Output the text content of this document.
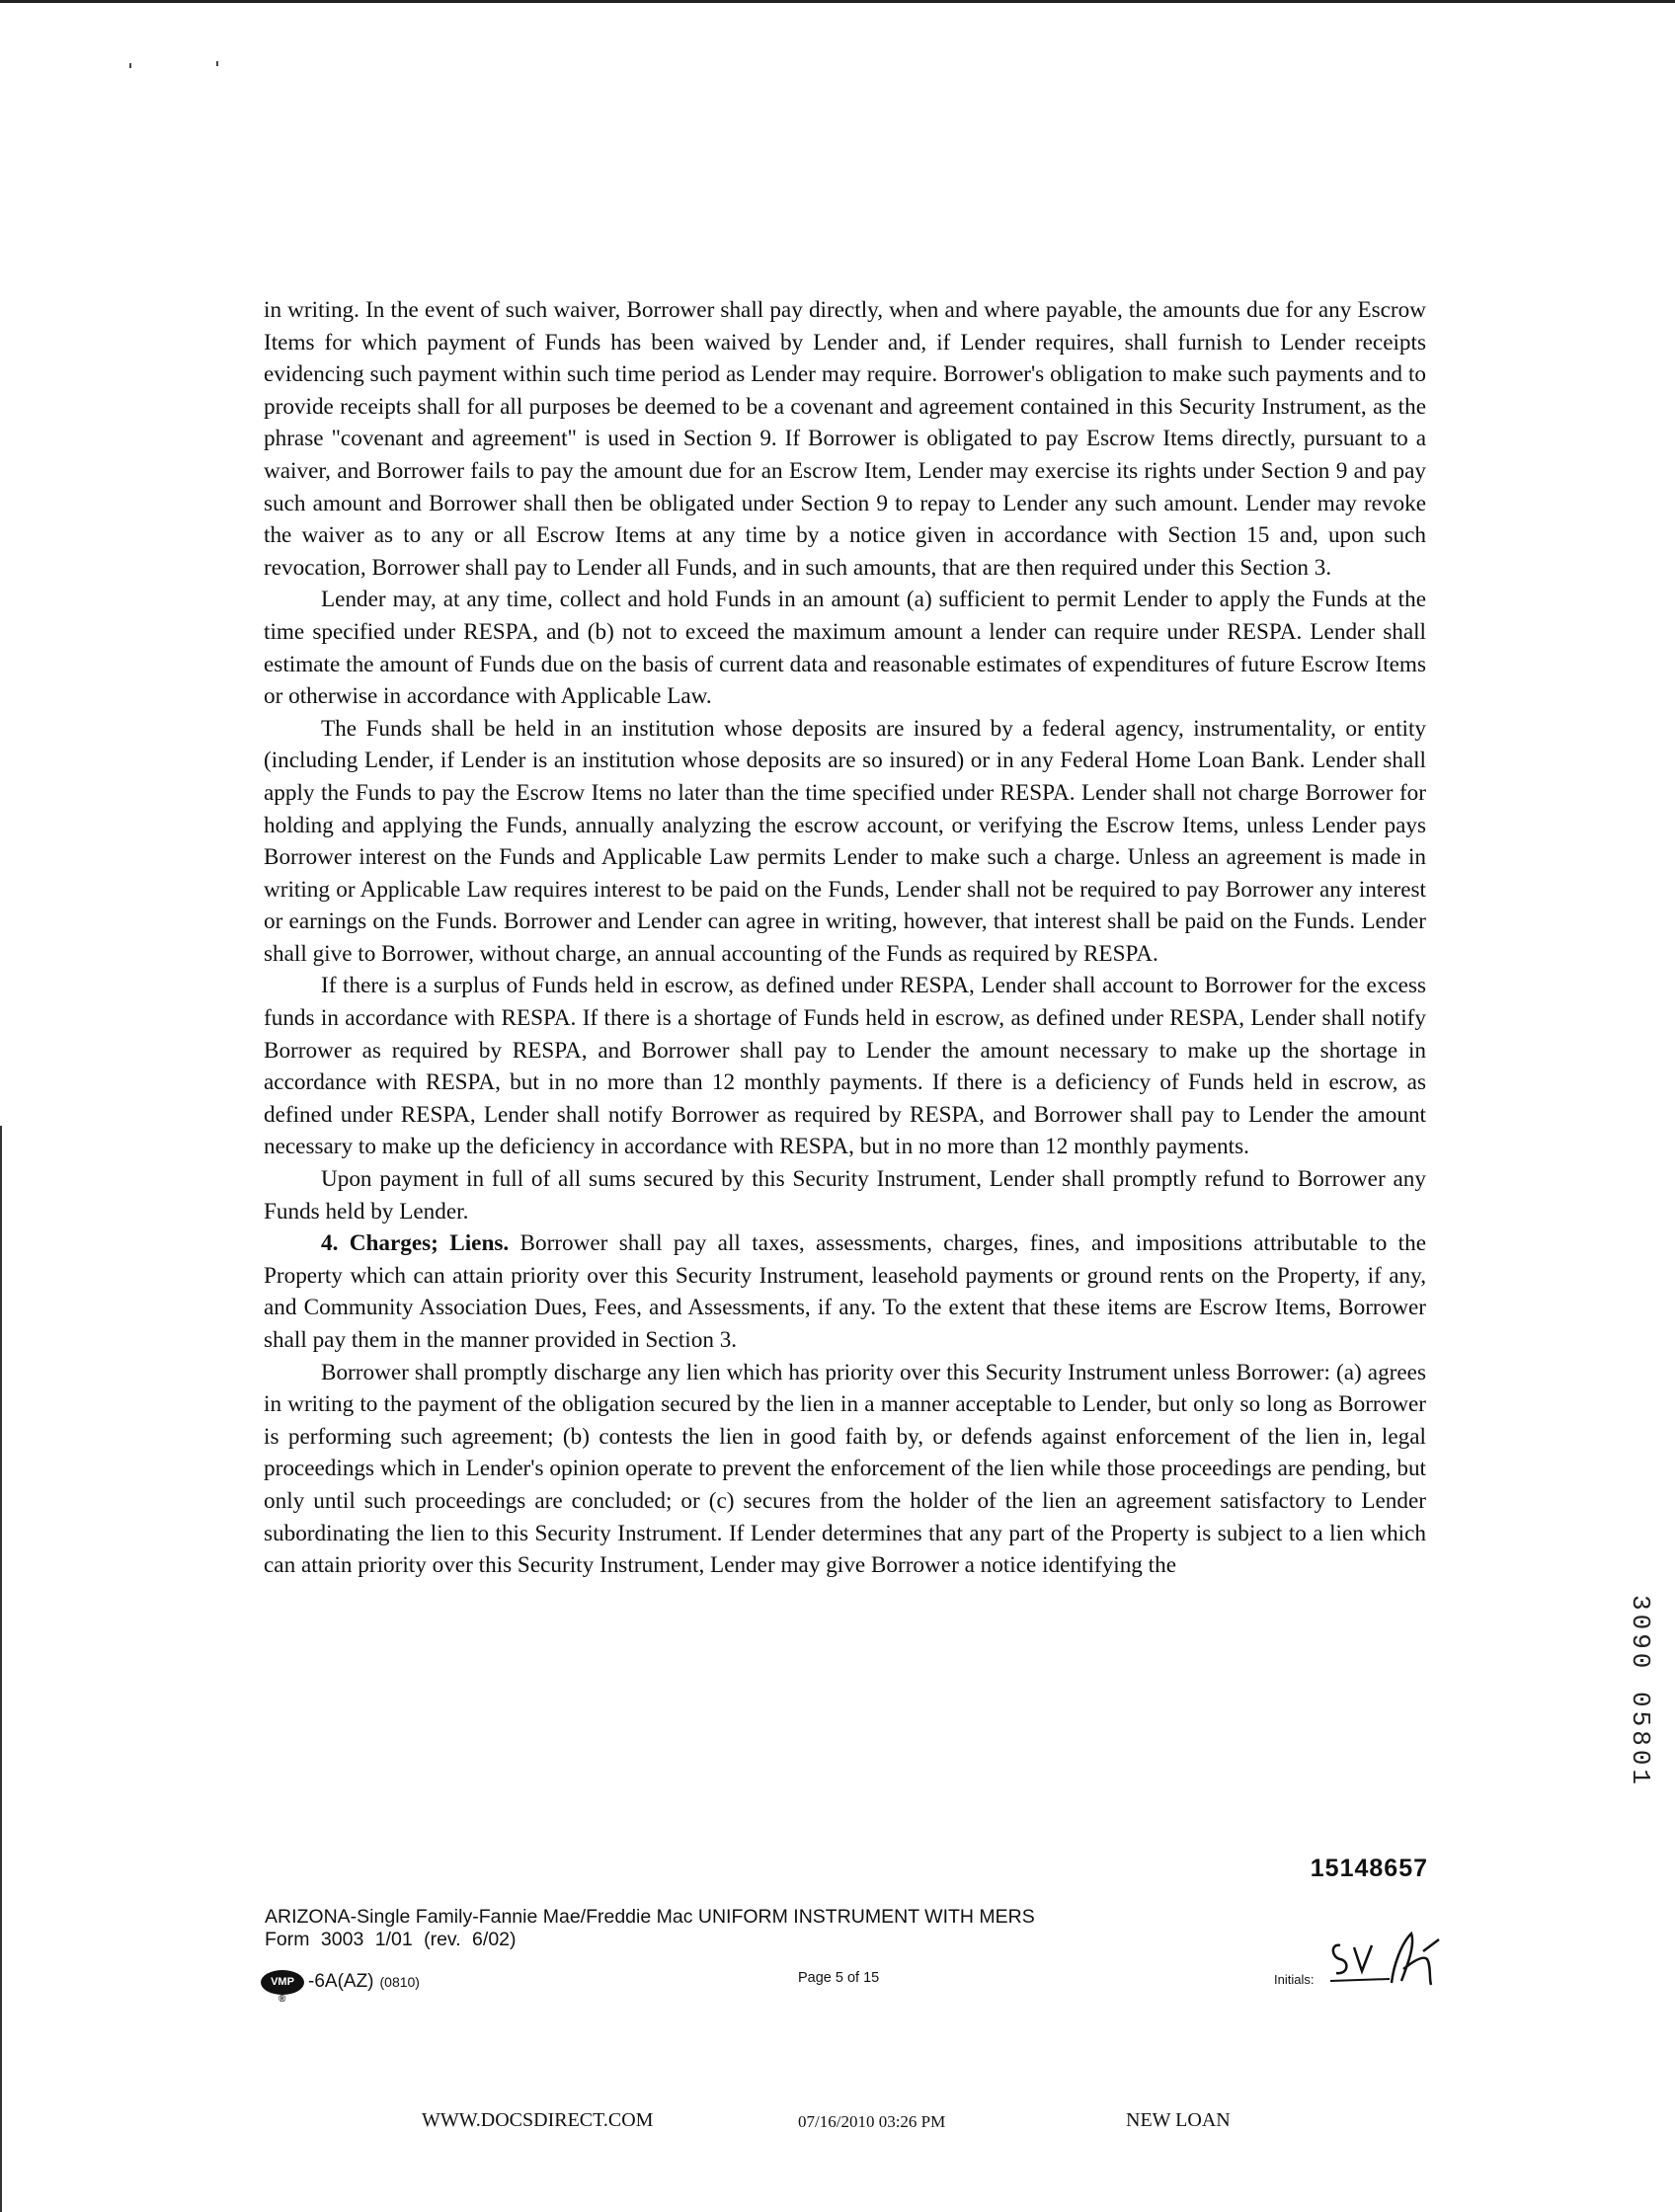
in writing. In the event of such waiver, Borrower shall pay directly, when and where payable, the amounts due for any Escrow Items for which payment of Funds has been waived by Lender and, if Lender requires, shall furnish to Lender receipts evidencing such payment within such time period as Lender may require. Borrower's obligation to make such payments and to provide receipts shall for all purposes be deemed to be a covenant and agreement contained in this Security Instrument, as the phrase "covenant and agreement" is used in Section 9. If Borrower is obligated to pay Escrow Items directly, pursuant to a waiver, and Borrower fails to pay the amount due for an Escrow Item, Lender may exercise its rights under Section 9 and pay such amount and Borrower shall then be obligated under Section 9 to repay to Lender any such amount. Lender may revoke the waiver as to any or all Escrow Items at any time by a notice given in accordance with Section 15 and, upon such revocation, Borrower shall pay to Lender all Funds, and in such amounts, that are then required under this Section 3.

Lender may, at any time, collect and hold Funds in an amount (a) sufficient to permit Lender to apply the Funds at the time specified under RESPA, and (b) not to exceed the maximum amount a lender can require under RESPA. Lender shall estimate the amount of Funds due on the basis of current data and reasonable estimates of expenditures of future Escrow Items or otherwise in accordance with Applicable Law.

The Funds shall be held in an institution whose deposits are insured by a federal agency, instrumentality, or entity (including Lender, if Lender is an institution whose deposits are so insured) or in any Federal Home Loan Bank. Lender shall apply the Funds to pay the Escrow Items no later than the time specified under RESPA. Lender shall not charge Borrower for holding and applying the Funds, annually analyzing the escrow account, or verifying the Escrow Items, unless Lender pays Borrower interest on the Funds and Applicable Law permits Lender to make such a charge. Unless an agreement is made in writing or Applicable Law requires interest to be paid on the Funds, Lender shall not be required to pay Borrower any interest or earnings on the Funds. Borrower and Lender can agree in writing, however, that interest shall be paid on the Funds. Lender shall give to Borrower, without charge, an annual accounting of the Funds as required by RESPA.

If there is a surplus of Funds held in escrow, as defined under RESPA, Lender shall account to Borrower for the excess funds in accordance with RESPA. If there is a shortage of Funds held in escrow, as defined under RESPA, Lender shall notify Borrower as required by RESPA, and Borrower shall pay to Lender the amount necessary to make up the shortage in accordance with RESPA, but in no more than 12 monthly payments. If there is a deficiency of Funds held in escrow, as defined under RESPA, Lender shall notify Borrower as required by RESPA, and Borrower shall pay to Lender the amount necessary to make up the deficiency in accordance with RESPA, but in no more than 12 monthly payments.

Upon payment in full of all sums secured by this Security Instrument, Lender shall promptly refund to Borrower any Funds held by Lender.

4. Charges; Liens. Borrower shall pay all taxes, assessments, charges, fines, and impositions attributable to the Property which can attain priority over this Security Instrument, leasehold payments or ground rents on the Property, if any, and Community Association Dues, Fees, and Assessments, if any. To the extent that these items are Escrow Items, Borrower shall pay them in the manner provided in Section 3.

Borrower shall promptly discharge any lien which has priority over this Security Instrument unless Borrower: (a) agrees in writing to the payment of the obligation secured by the lien in a manner acceptable to Lender, but only so long as Borrower is performing such agreement; (b) contests the lien in good faith by, or defends against enforcement of the lien in, legal proceedings which in Lender's opinion operate to prevent the enforcement of the lien while those proceedings are pending, but only until such proceedings are concluded; or (c) secures from the holder of the lien an agreement satisfactory to Lender subordinating the lien to this Security Instrument. If Lender determines that any part of the Property is subject to a lien which can attain priority over this Security Instrument, Lender may give Borrower a notice identifying the

15148657
ARIZONA-Single Family-Fannie Mae/Freddie Mac UNIFORM INSTRUMENT WITH MERS
Form 3003 1/01 (rev. 6/02)
VMP
®
-6A(AZ) (0810)	Page 5 of 15	Initials:
3090 05801
WWW.DOCSDIRECT.COM	07/16/2010 03:26 PM	NEW LOAN
